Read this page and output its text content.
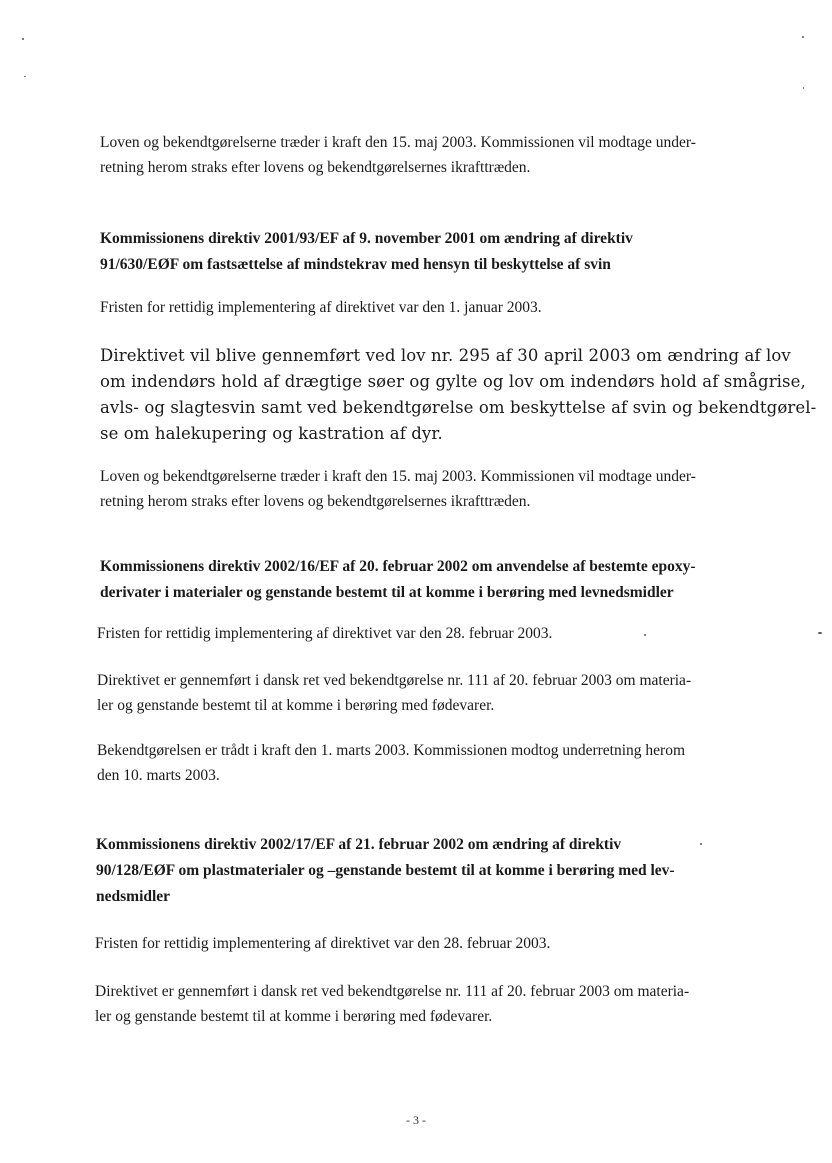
Loven og bekendtgørelserne træder i kraft den 15. maj 2003. Kommissionen vil modtage under-
retning herom straks efter lovens og bekendtgørelsernes ikrafttræden.

Kommissionens direktiv 2001/93/EF af 9. november 2001 om ændring af direktiv
91/630/EØF om fastsættelse af mindstekrav med hensyn til beskyttelse af svin

Fristen for rettidig implementering af direktivet var den 1. januar 2003.

Direktivet vil blive gennemført ved lov nr. 295 af 30 april 2003 om ændring af lov
om indendørs hold af drægtige søer og gylte og lov om indendørs hold af smågrise,
avls- og slagtesvin samt ved bekendtgørelse om beskyttelse af svin og bekendtgørel-
se om halekupering og kastration af dyr.

Loven og bekendtgørelserne træder i kraft den 15. maj 2003. Kommissionen vil modtage under-
retning herom straks efter lovens og bekendtgørelsernes ikrafttræden.

Kommissionens direktiv 2002/16/EF af 20. februar 2002 om anvendelse af bestemte epoxy-
derivater i materialer og genstande bestemt til at komme i berøring med levnedsmidler

Fristen for rettidig implementering af direktivet var den 28. februar 2003.

Direktivet er gennemført i dansk ret ved bekendtgørelse nr. 111 af 20. februar 2003 om materia-
ler og genstande bestemt til at komme i berøring med fødevarer.

Bekendtgørelsen er trådt i kraft den 1. marts 2003. Kommissionen modtog underretning herom
den 10. marts 2003.

Kommissionens direktiv 2002/17/EF af 21. februar 2002 om ændring af direktiv
90/128/EØF om plastmaterialer og –genstande bestemt til at komme i berøring med lev-
nedsmidler

Fristen for rettidig implementering af direktivet var den 28. februar 2003.

Direktivet er gennemført i dansk ret ved bekendtgørelse nr. 111 af 20. februar 2003 om materia-
ler og genstande bestemt til at komme i berøring med fødevarer.

- 3 -
